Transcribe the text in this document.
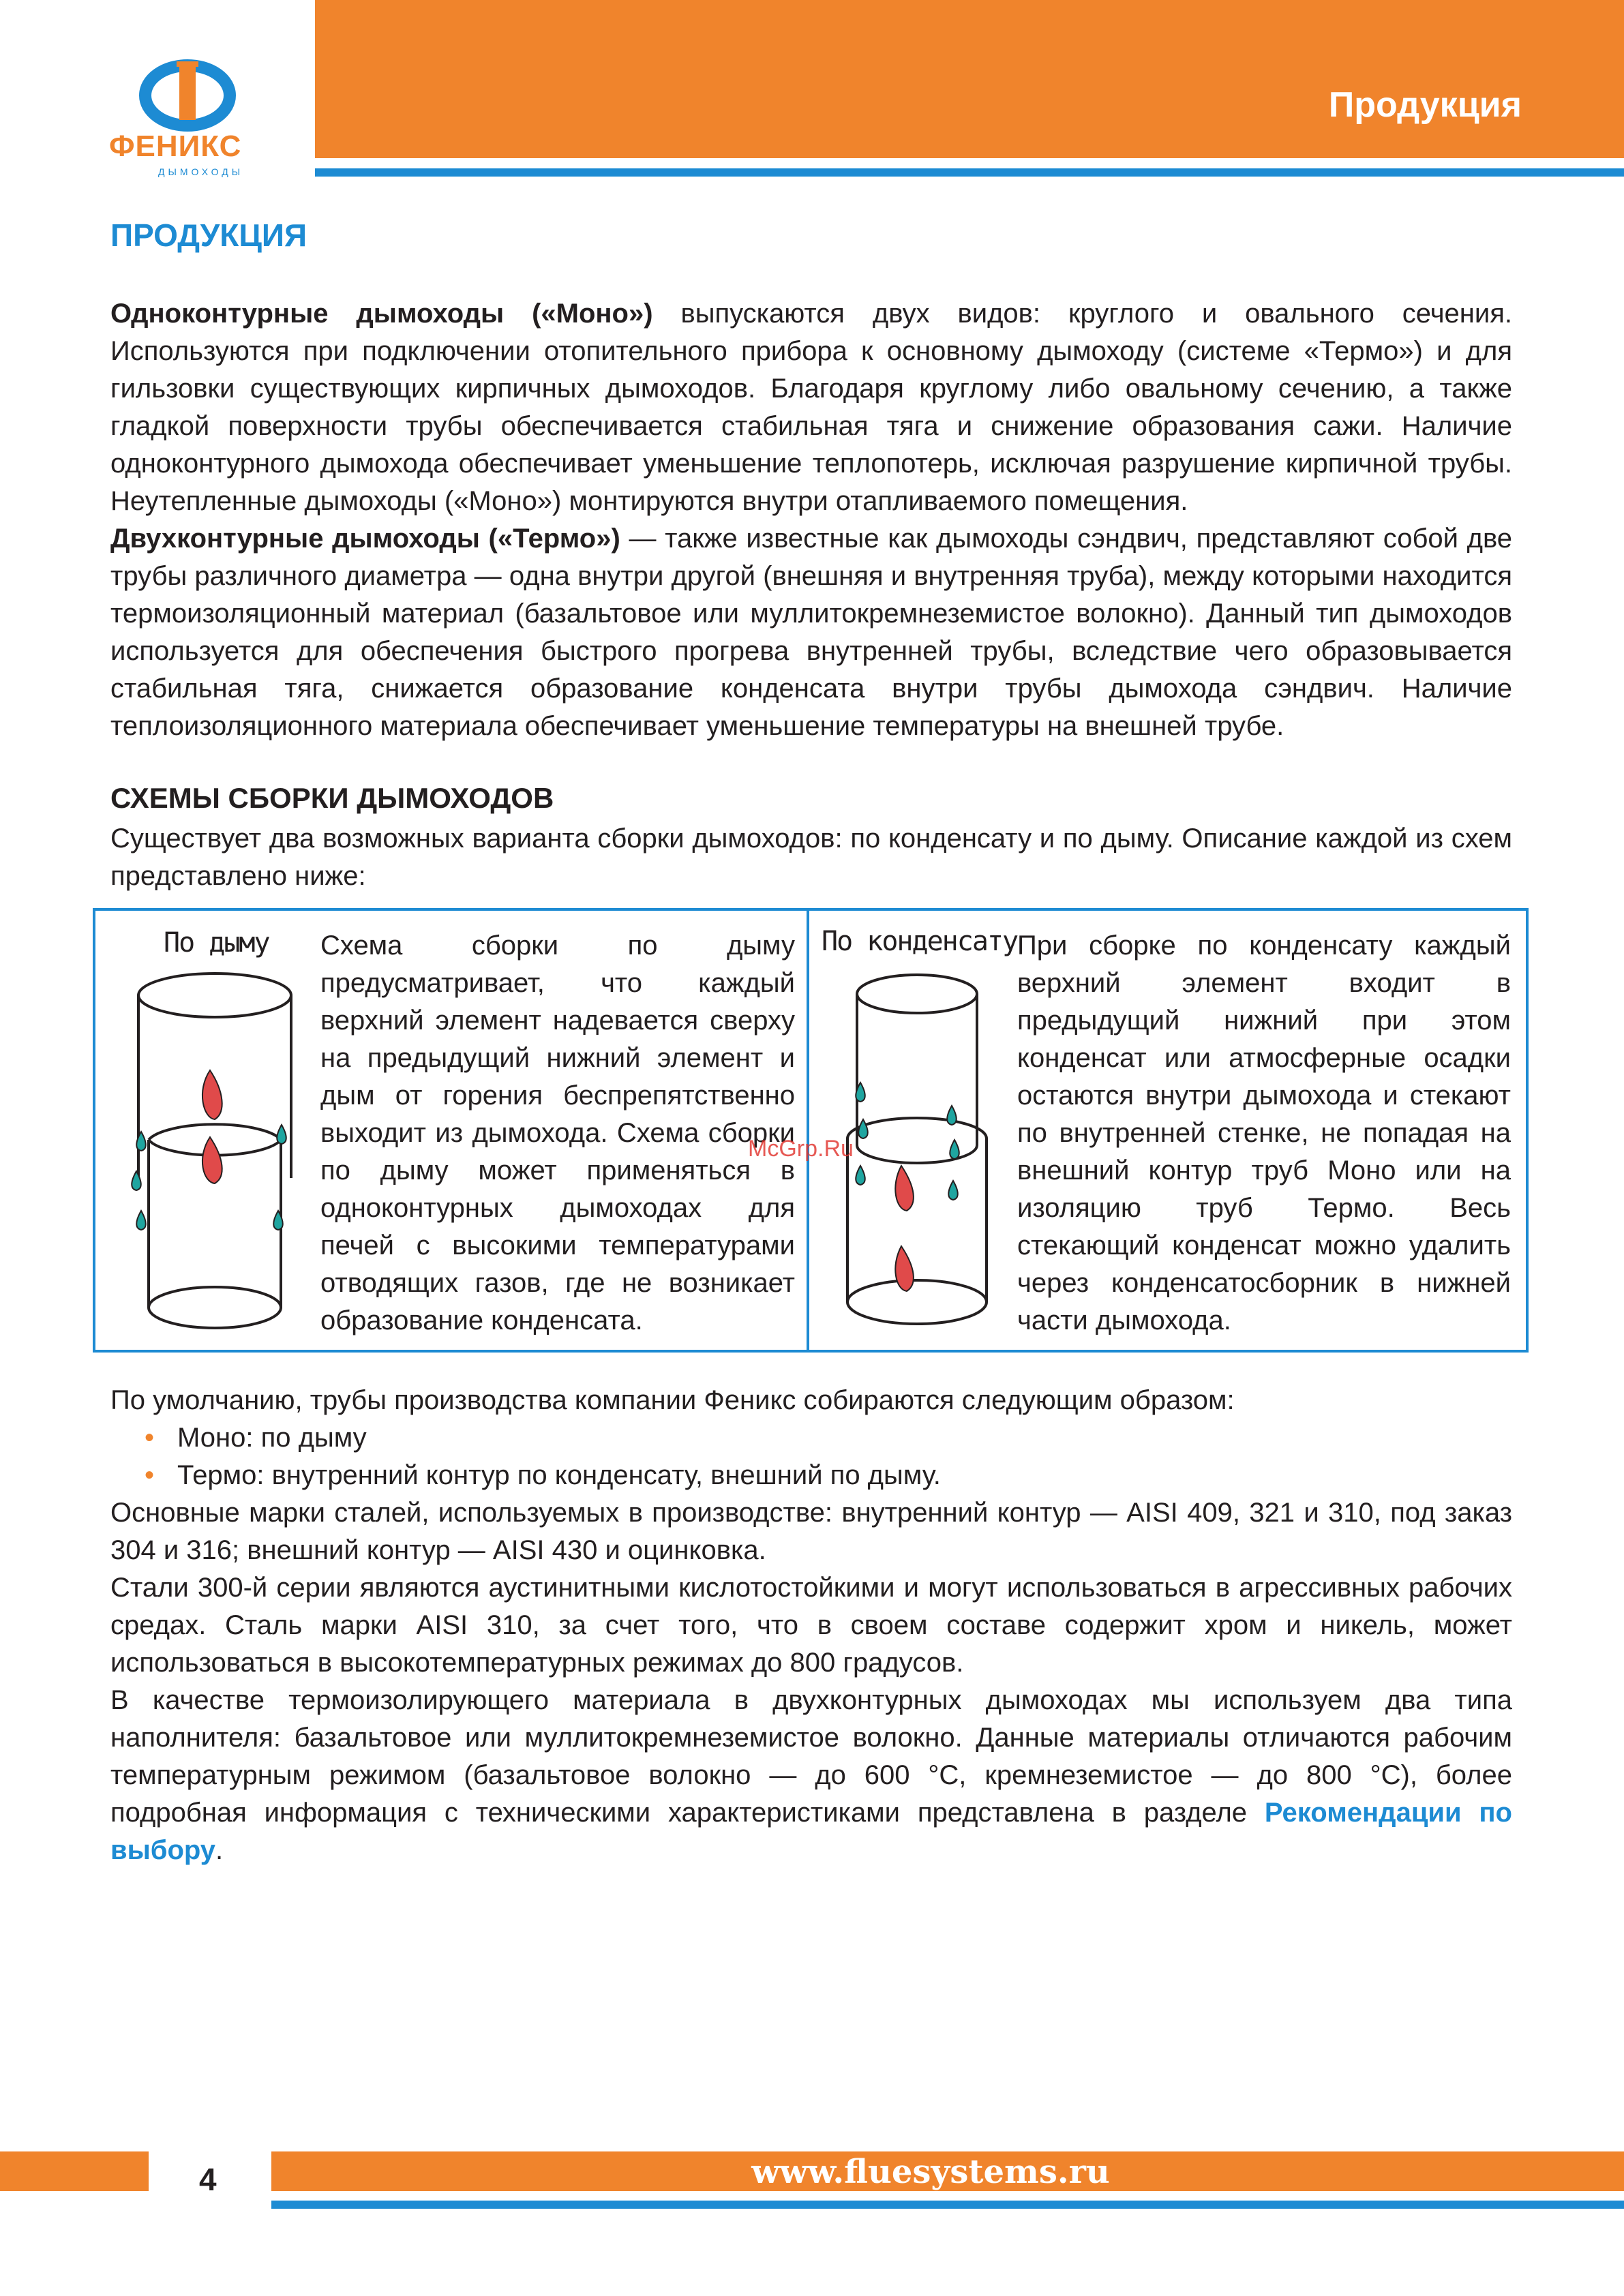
Продукция
ФЕНИКС
ДЫМОХОДЫ
ПРОДУКЦИЯ
Одноконтурные дымоходы («Моно») выпускаются двух видов: круглого и овального сечения. Используются при подключении отопительного прибора к основному дымоходу (системе «Термо») и для гильзовки существующих кирпичных дымоходов. Благодаря круглому либо овальному сечению, а также гладкой поверхности трубы обеспечивается стабильная тяга и снижение образования сажи. Наличие одноконтурного дымохода обеспечивает уменьшение теплопотерь, исключая разрушение кирпичной трубы. Неутепленные дымоходы («Моно») монтируются внутри отапливаемого помещения.
Двухконтурные дымоходы («Термо») — также известные как дымоходы сэндвич, представляют собой две трубы различного диаметра — одна внутри другой (внешняя и внутренняя труба), между которыми находится термоизоляционный материал (базальтовое или муллитокремнеземистое волокно). Данный тип дымоходов используется для обеспечения быстрого прогрева внутренней трубы, вследствие чего образовывается стабильная тяга, снижается образование конденсата внутри трубы дымохода сэндвич. Наличие теплоизоляционного материала обеспечивает уменьшение температуры на внешней трубе.
СХЕМЫ СБОРКИ ДЫМОХОДОВ
Существует два возможных варианта сборки дымоходов: по конденсату и по дыму. Описание каждой из схем представлено ниже:
По дыму	По конденсату
Схема сборки по дыму предусматривает, что каждый верхний элемент надевается сверху на предыдущий нижний элемент и дым от горения беспрепятственно выходит из дымохода. Схема сборки по дыму может применяться в одноконтурных дымоходах для печей с высокими температурами отводящих газов, где не возникает образование конденсата.
При сборке по конденсату каждый верхний элемент входит в предыдущий нижний при этом конденсат или атмосферные осадки остаются внутри дымохода и стекают по внутренней стенке, не попадая на внешний контур труб Моно или на изоляцию труб Термо. Весь стекающий конденсат можно удалить через конденсатосборник в нижней части дымохода.
McGrp.Ru
По умолчанию, трубы производства компании Феникс собираются следующим образом:
• Моно: по дыму
• Термо: внутренний контур по конденсату, внешний по дыму.
Основные марки сталей, используемых в производстве: внутренний контур — AISI 409, 321 и 310, под заказ 304 и 316; внешний контур — AISI 430 и оцинковка.
Стали 300-й серии являются аустинитными кислотостойкими и могут использоваться в агрессивных рабочих средах. Сталь марки AISI 310, за счет того, что в своем составе содержит хром и никель, может использоваться в высокотемпературных режимах до 800 градусов.
В качестве термоизолирующего материала в двухконтурных дымоходах мы используем два типа наполнителя: базальтовое или муллитокремнеземистое волокно. Данные материалы отличаются рабочим температурным режимом (базальтовое волокно — до 600 °С, кремнеземистое — до 800 °С), более подробная информация с техническими характеристиками представлена в разделе Рекомендации по выбору.
4	www.fluesystems.ru
